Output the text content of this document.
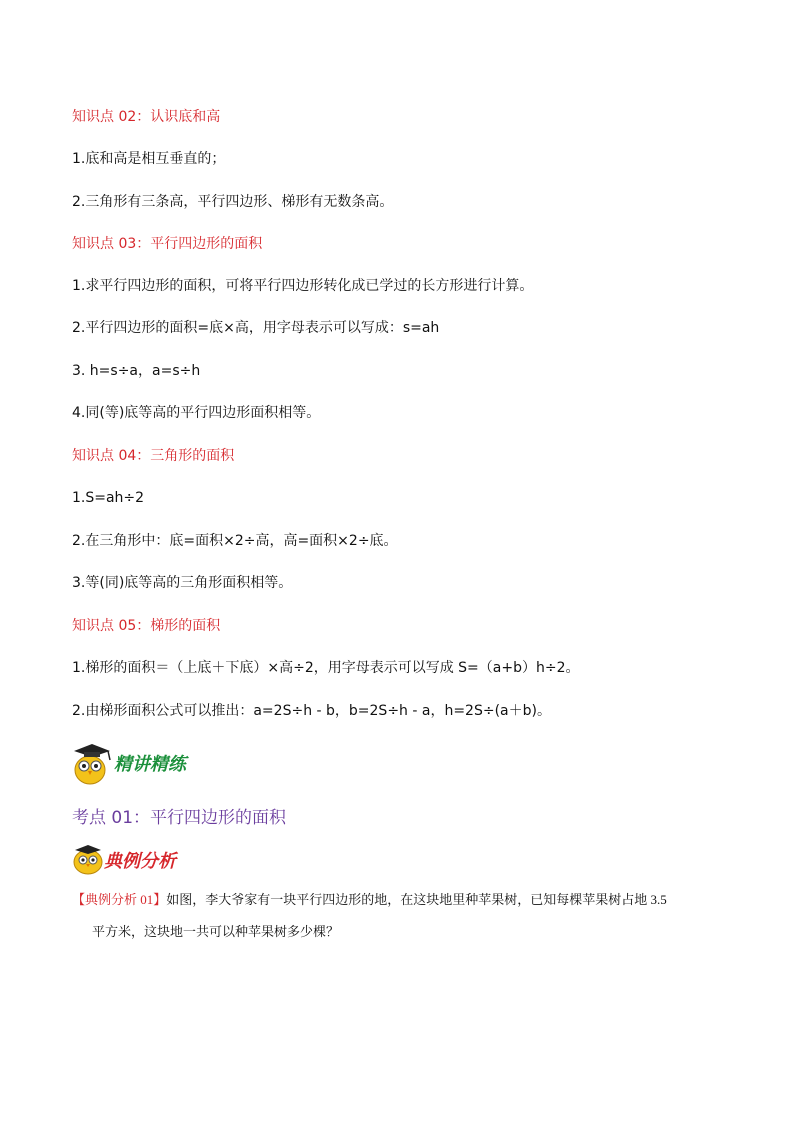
知识点 02：认识底和高
1.底和高是相互垂直的；
2.三角形有三条高，平行四边形、梯形有无数条高。
知识点 03：平行四边形的面积
1.求平行四边形的面积，可将平行四边形转化成已学过的长方形进行计算。
2.平行四边形的面积=底×高，用字母表示可以写成：s=ah
3. h=s÷a，a=s÷h
4.同(等)底等高的平行四边形面积相等。
知识点 04：三角形的面积
1.S=ah÷2
2.在三角形中：底=面积×2÷高，高=面积×2÷底。
3.等(同)底等高的三角形面积相等。
知识点 05：梯形的面积
1.梯形的面积＝（上底＋下底）×高÷2，用字母表示可以写成 S=（a+b）h÷2。
2.由梯形面积公式可以推出：a=2S÷h - b，b=2S÷h - a，h=2S÷(a＋b)。
精讲精练
考点 01：平行四边形的面积
典例分析
【典例分析 01】如图，李大爷家有一块平行四边形的地，在这块地里种苹果树，已知每棵苹果树占地 3.5
平方米，这块地一共可以种苹果树多少棵？
